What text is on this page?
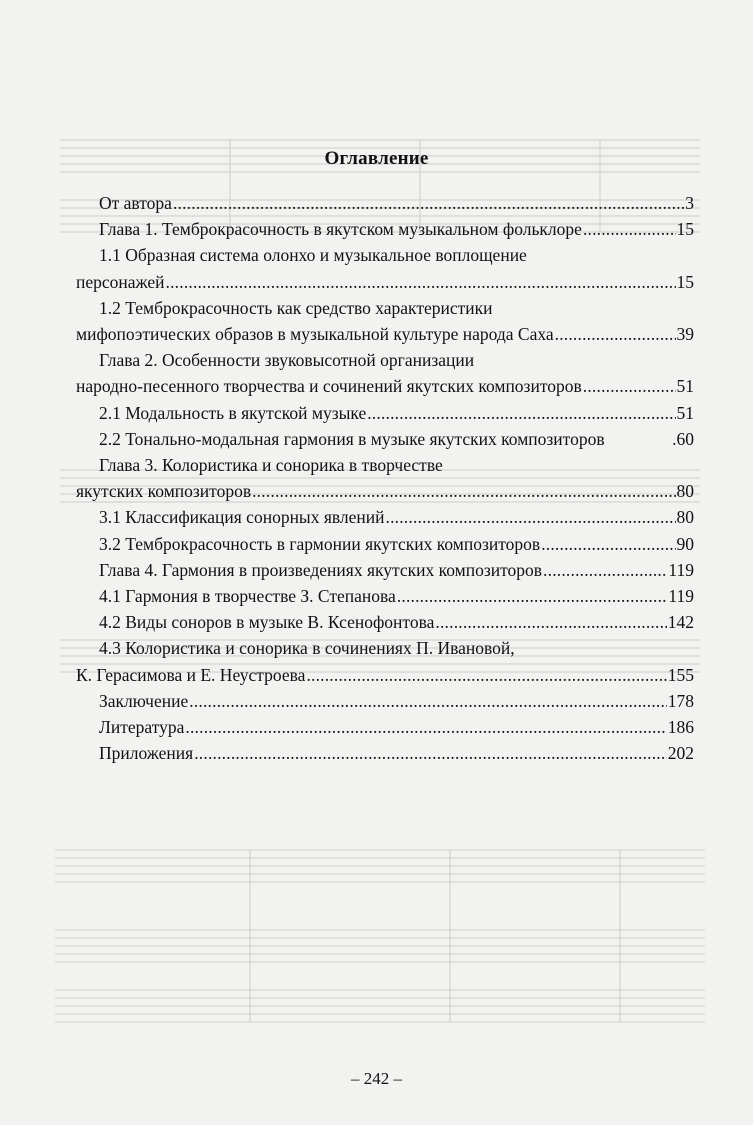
Оглавление
От автора .....	3
Глава 1. Темброкрасочность в якутском музыкальном фольклоре .....	15
1.1 Образная система олонхо и музыкальное воплощение
персонажей .....	15
1.2 Темброкрасочность как средство характеристики
мифопоэтических образов в музыкальной культуре народа Саха .....	39
Глава 2. Особенности звуковысотной организации
народно-песенного творчества и сочинений якутских композиторов .....	51
2.1 Модальность в якутской музыке .....	51
2.2 Тонально-модальная гармония в музыке якутских композиторов	.60
Глава 3. Колористика и сонорика в творчестве
якутских композиторов .....	80
3.1 Классификация сонорных явлений .....	80
3.2 Темброкрасочность в гармонии якутских композиторов .....	90
Глава 4. Гармония в произведениях якутских композиторов .....	119
4.1 Гармония в творчестве З. Степанова .....	119
4.2 Виды соноров в музыке В. Ксенофонтова .....	142
4.3 Колористика и сонорика в сочинениях П. Ивановой,
К. Герасимова и Е. Неустроева .....	155
Заключение .....	178
Литература .....	186
Приложения .....	202
– 242 –
